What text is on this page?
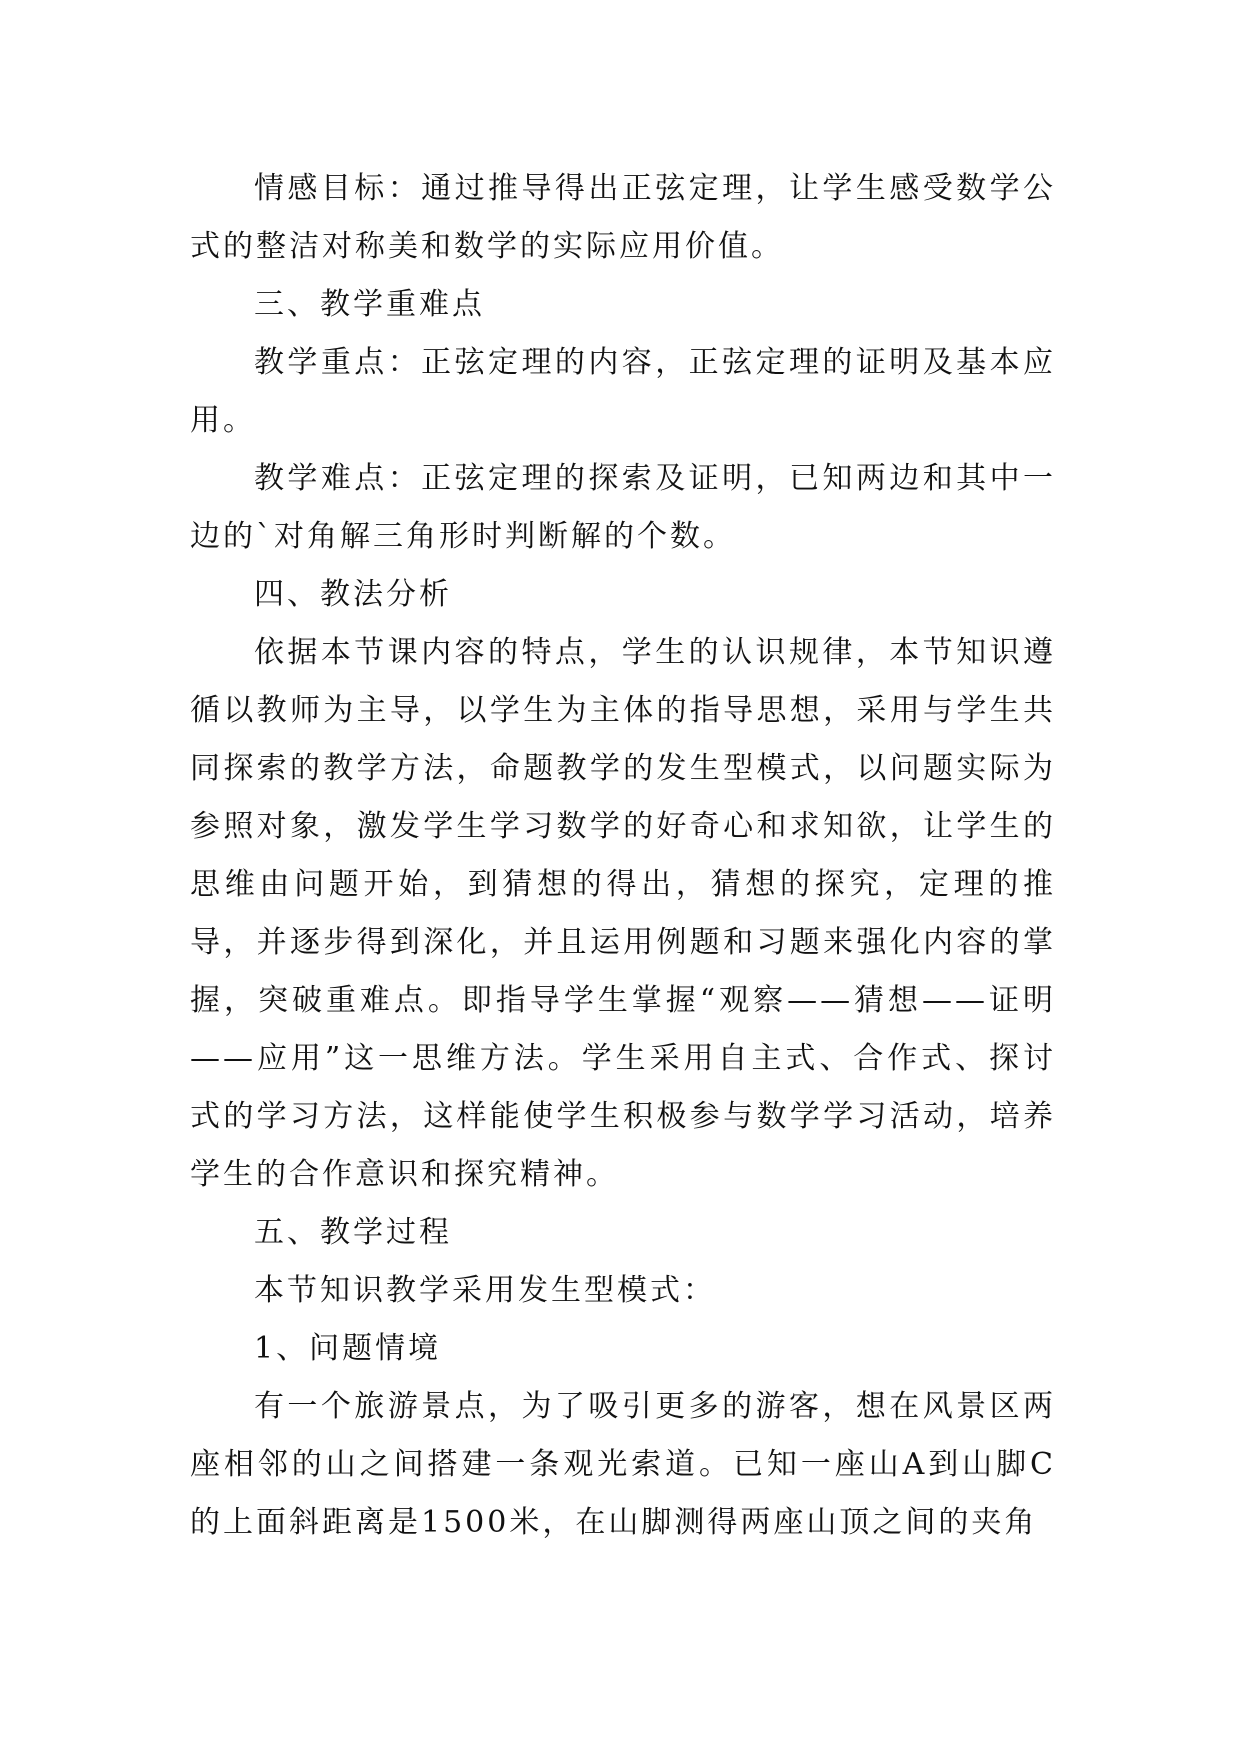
情感目标：通过推导得出正弦定理，让学生感受数学公式的整洁对称美和数学的实际应用价值。

三、教学重难点

教学重点：正弦定理的内容，正弦定理的证明及基本应用。

教学难点：正弦定理的探索及证明，已知两边和其中一边的`对角解三角形时判断解的个数。

四、教法分析

依据本节课内容的特点，学生的认识规律，本节知识遵循以教师为主导，以学生为主体的指导思想，采用与学生共同探索的教学方法，命题教学的发生型模式，以问题实际为参照对象，激发学生学习数学的好奇心和求知欲，让学生的思维由问题开始，到猜想的得出，猜想的探究，定理的推导，并逐步得到深化，并且运用例题和习题来强化内容的掌握，突破重难点。即指导学生掌握“观察——猜想——证明——应用”这一思维方法。学生采用自主式、合作式、探讨式的学习方法，这样能使学生积极参与数学学习活动，培养学生的合作意识和探究精神。

五、教学过程

本节知识教学采用发生型模式：

1、问题情境

有一个旅游景点，为了吸引更多的游客，想在风景区两座相邻的山之间搭建一条观光索道。已知一座山A到山脚C的上面斜距离是1500米，在山脚测得两座山顶之间的夹角
